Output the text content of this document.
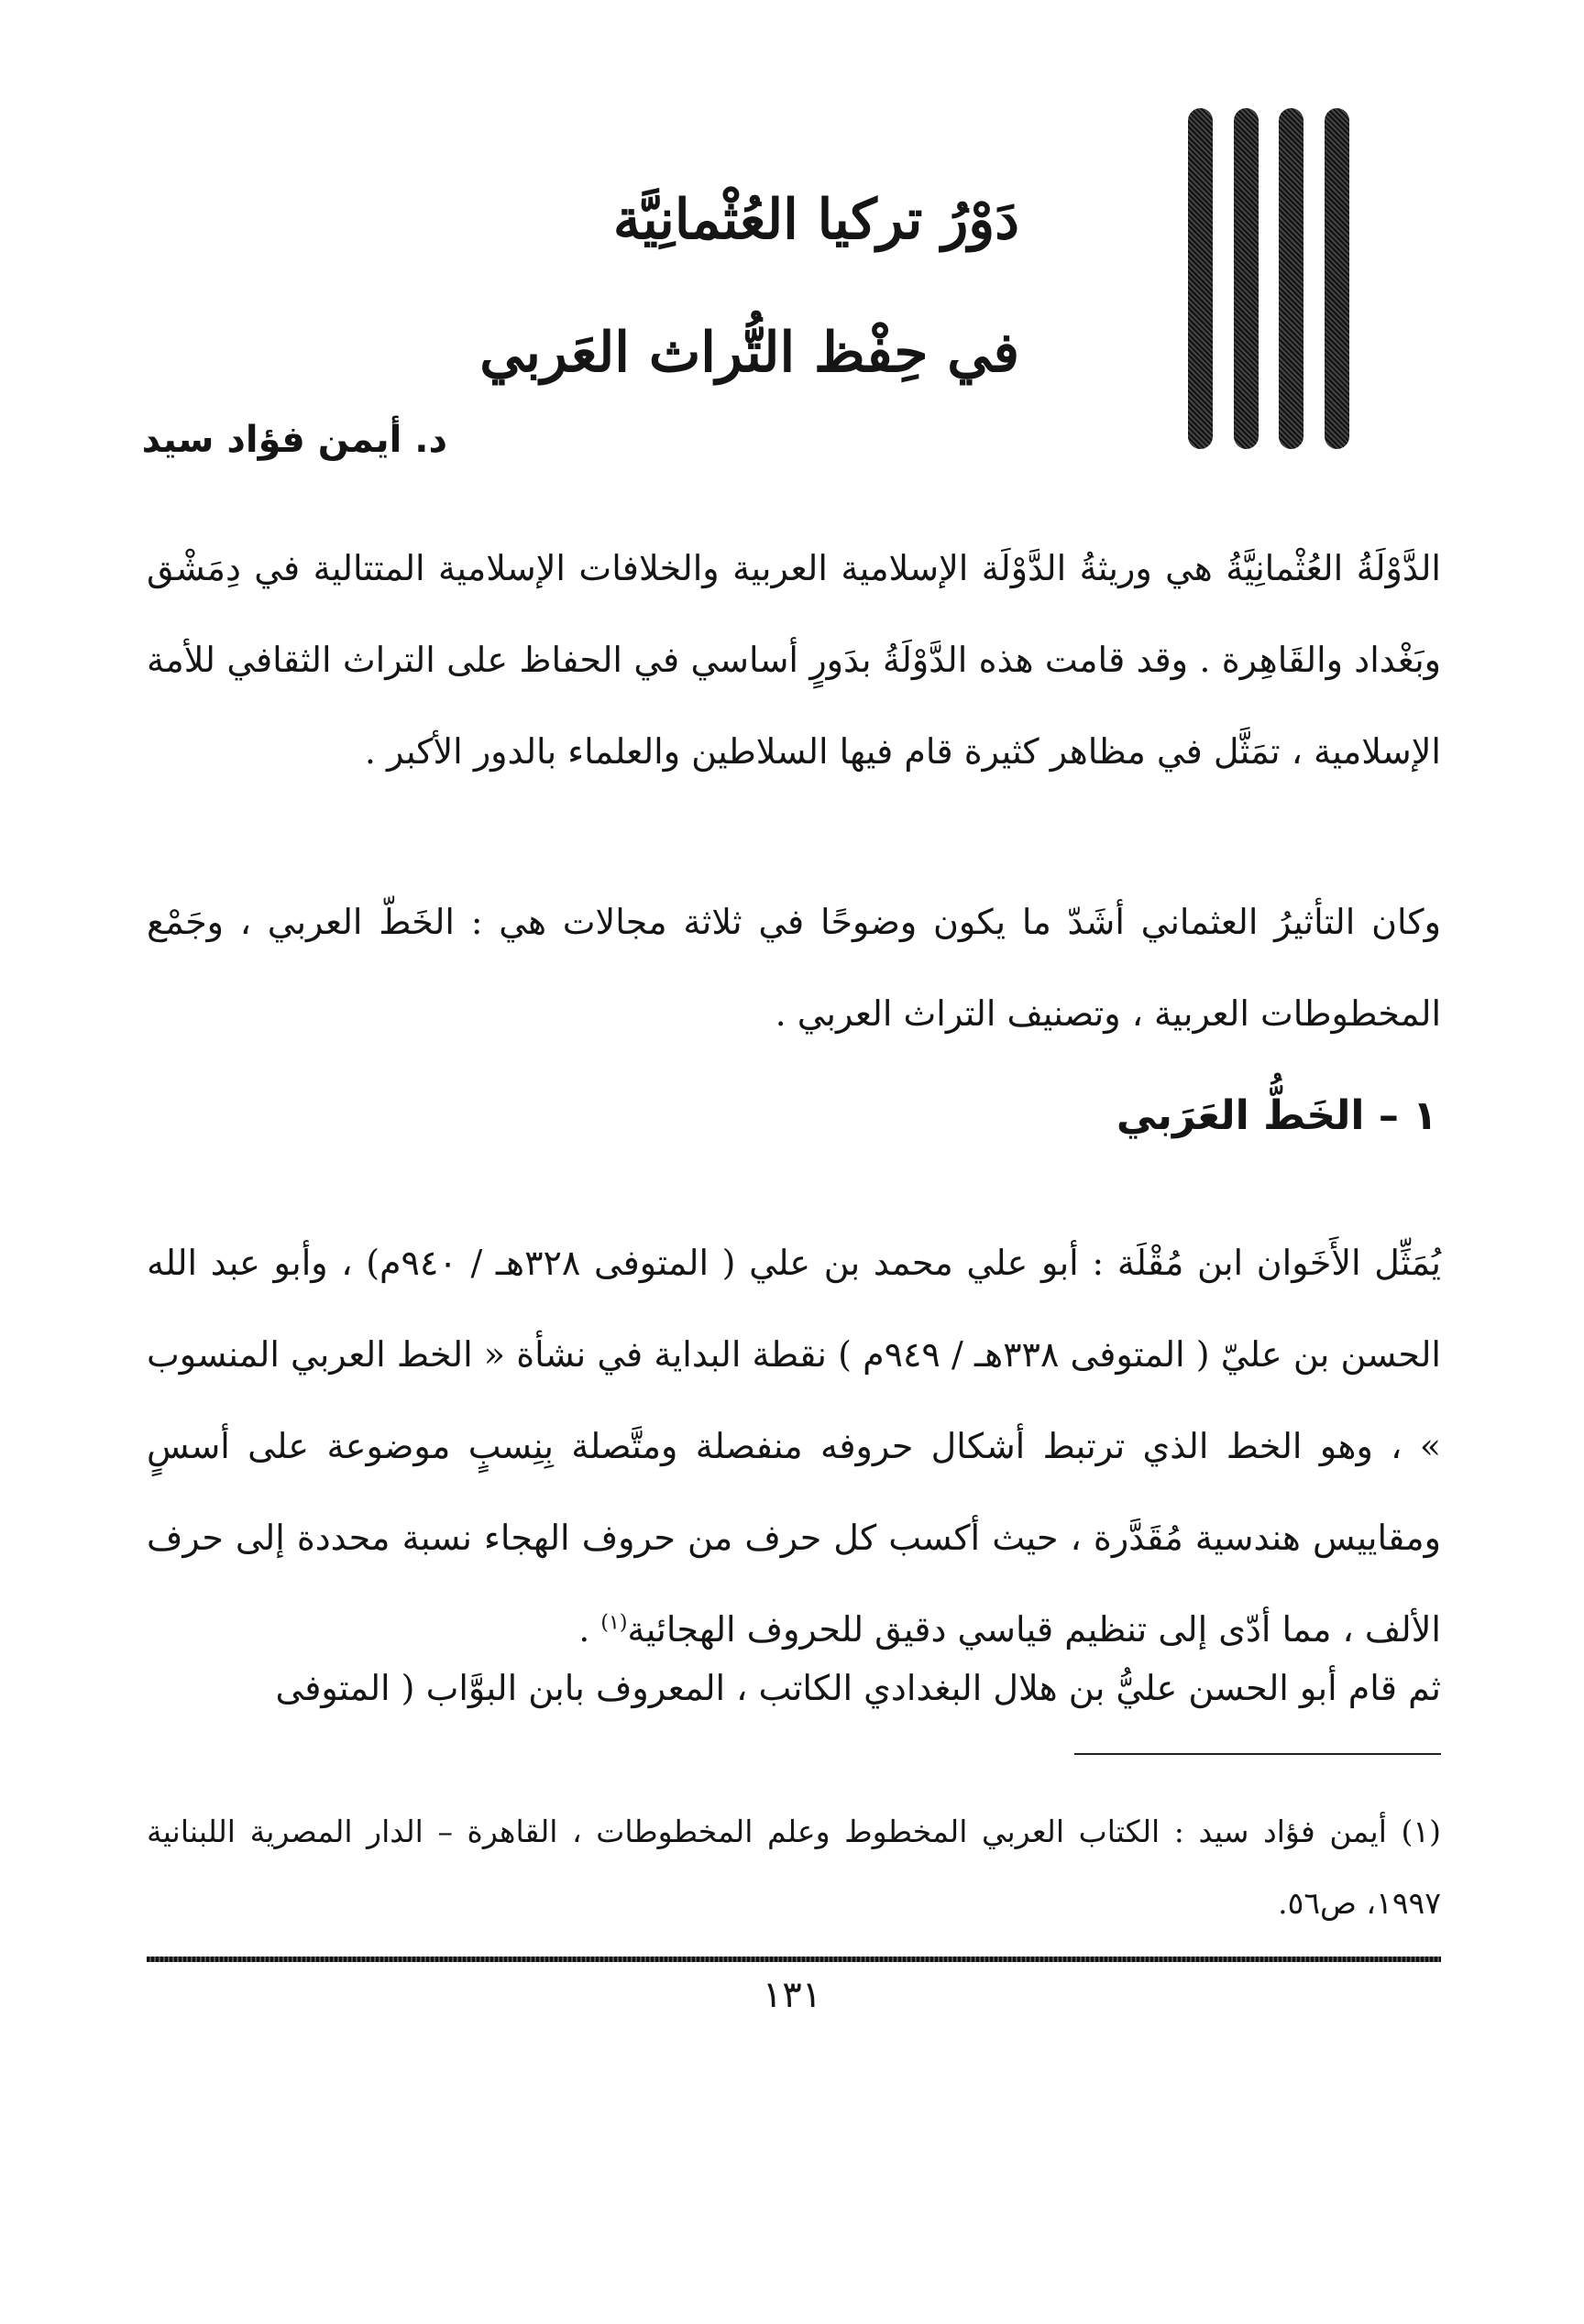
دَوْرُ تركيا العُثْمانِيَّة
في حِفْظ التُّراث العَربي
د. أيمن فؤاد سيد

الدَّوْلَةُ العُثْمانِيَّةُ هي وريثةُ الدَّوْلَة الإسلامية العربية والخلافات الإسلامية المتتالية في دِمَشْق وبَغْداد والقَاهِرة . وقد قامت هذه الدَّوْلَةُ بدَورٍ أساسي في الحفاظ على التراث الثقافي للأمة الإسلامية ، تمَثَّل في مظاهر كثيرة قام فيها السلاطين والعلماء بالدور الأكبر .

وكان التأثيرُ العثماني أشَدّ ما يكون وضوحًا في ثلاثة مجالات هي : الخَطّ العربي ، وجَمْع المخطوطات العربية ، وتصنيف التراث العربي .

١ – الخَطُّ العَرَبي

يُمَثِّل الأَخَوان ابن مُقْلَة : أبو علي محمد بن علي ( المتوفى ٣٢٨هـ / ٩٤٠م) ، وأبو عبد الله الحسن بن عليّ ( المتوفى ٣٣٨هـ / ٩٤٩م ) نقطة البداية في نشأة « الخط العربي المنسوب » ، وهو الخط الذي ترتبط أشكال حروفه منفصلة ومتَّصلة بِنِسبٍ موضوعة على أسسٍ ومقاييس هندسية مُقَدَّرة ، حيث أكسب كل حرف من حروف الهجاء نسبة محددة إلى حرف الألف ، مما أدّى إلى تنظيم قياسي دقيق للحروف الهجائية$^{(١)}$ .

ثم قام أبو الحسن عليُّ بن هلال البغدادي الكاتب ، المعروف بابن البوَّاب ( المتوفى

(١) أيمن فؤاد سيد : الكتاب العربي المخطوط وعلم المخطوطات ، القاهرة – الدار المصرية اللبنانية ١٩٩٧، ص٥٦.

١٣١
